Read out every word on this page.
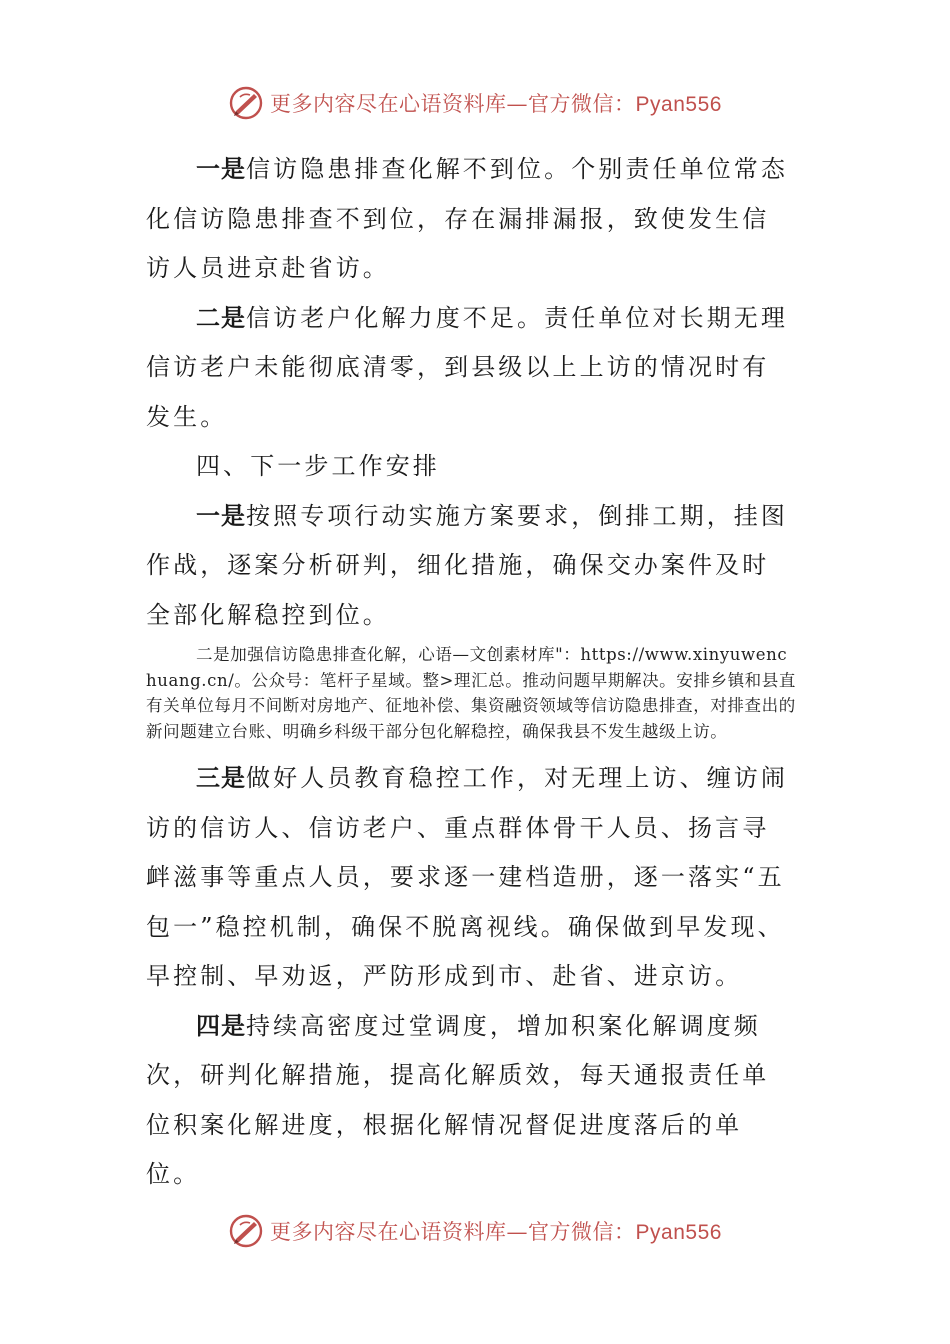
更多内容尽在心语资料库—官方微信：Pyan556

一是信访隐患排查化解不到位。个别责任单位常态化信访隐患排查不到位，存在漏排漏报，致使发生信访人员进京赴省访。

二是信访老户化解力度不足。责任单位对长期无理信访老户未能彻底清零，到县级以上上访的情况时有发生。

四、下一步工作安排

一是按照专项行动实施方案要求，倒排工期，挂图作战，逐案分析研判，细化措施，确保交办案件及时全部化解稳控到位。

二是加强信访隐患排查化解，心语—文创素材库"：https://www.xinyuwenchuang.cn/。公众号：笔杆子星域。整>理汇总。推动问题早期解决。安排乡镇和县直有关单位每月不间断对房地产、征地补偿、集资融资领域等信访隐患排查，对排查出的新问题建立台账、明确乡科级干部分包化解稳控，确保我县不发生越级上访。

三是做好人员教育稳控工作，对无理上访、缠访闹访的信访人、信访老户、重点群体骨干人员、扬言寻衅滋事等重点人员，要求逐一建档造册，逐一落实“五包一”稳控机制，确保不脱离视线。确保做到早发现、早控制、早劝返，严防形成到市、赴省、进京访。

四是持续高密度过堂调度，增加积案化解调度频次，研判化解措施，提高化解质效，每天通报责任单位积案化解进度，根据化解情况督促进度落后的单位。

更多内容尽在心语资料库—官方微信：Pyan556
